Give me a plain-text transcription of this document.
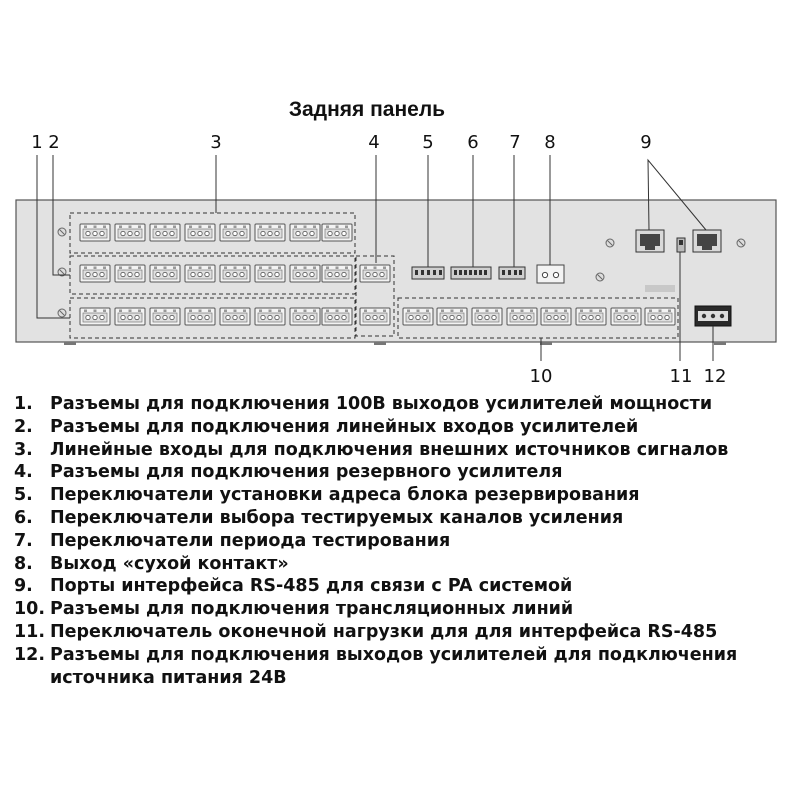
Задняя панель
1 2	3	4 5 6 7 8	9
10	11 12
1. Разъемы для подключения 100В выходов усилителей мощности
2. Разъемы для подключения линейных входов усилителей
3. Линейные входы для подключения внешних источников сигналов
4. Разъемы для подключения резервного усилителя
5. Переключатели установки адреса блока резервирования
6. Переключатели выбора тестируемых каналов усиления
7. Переключатели периода тестирования
8. Выход «сухой контакт»
9. Порты интерфейса RS-485 для связи с PA системой
10. Разъемы для подключения трансляционных линий
11. Переключатель оконечной нагрузки для для интерфейса RS-485
12. Разъемы для подключения выходов усилителей для подключения источника питания 24В
